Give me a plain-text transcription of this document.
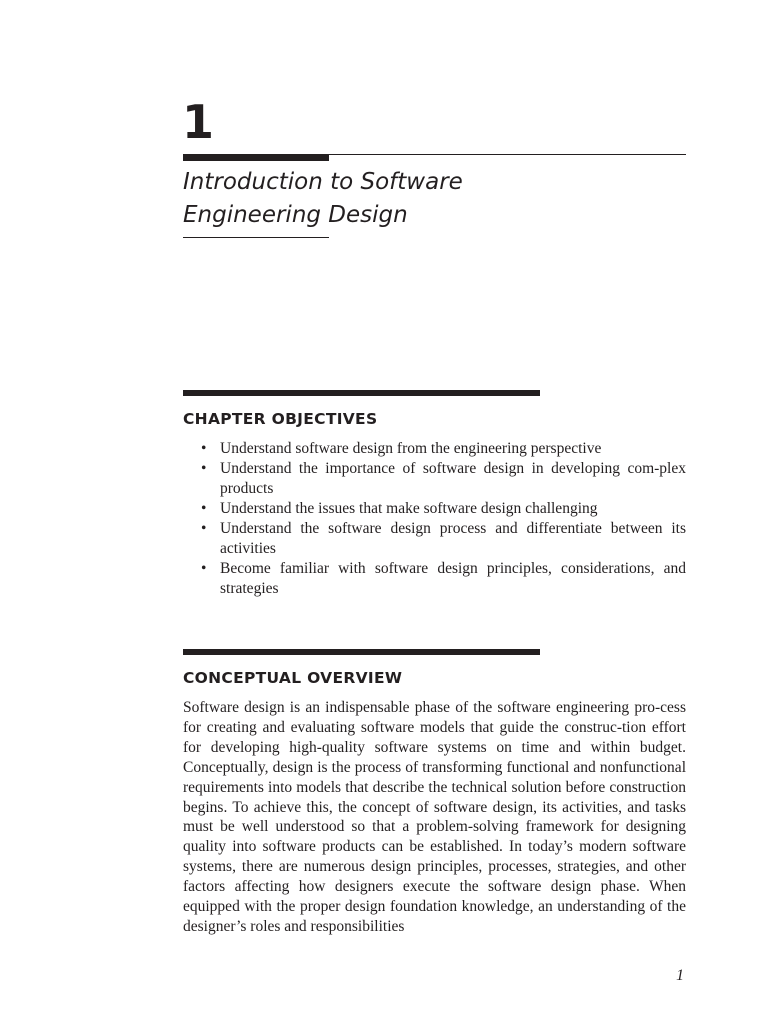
1
Introduction to Software
Engineering Design
CHAPTER OBJECTIVES
• Understand software design from the engineering perspective
• Understand the importance of software design in developing com-plex products
• Understand the issues that make software design challenging
• Understand the software design process and differentiate between its activities
• Become familiar with software design principles, considerations, and strategies
CONCEPTUAL OVERVIEW

Software design is an indispensable phase of the software engineering pro-cess for creating and evaluating software models that guide the construc-tion effort for developing high-quality software systems on time and within budget. Conceptually, design is the process of transforming functional and nonfunctional requirements into models that describe the technical solution before construction begins. To achieve this, the concept of software design, its activities, and tasks must be well understood so that a problem-solving framework for designing quality into software products can be established. In today’s modern software systems, there are numerous design principles, processes, strategies, and other factors affecting how designers execute the software design phase. When equipped with the proper design foundation knowledge, an understanding of the designer’s roles and responsibilities

1
